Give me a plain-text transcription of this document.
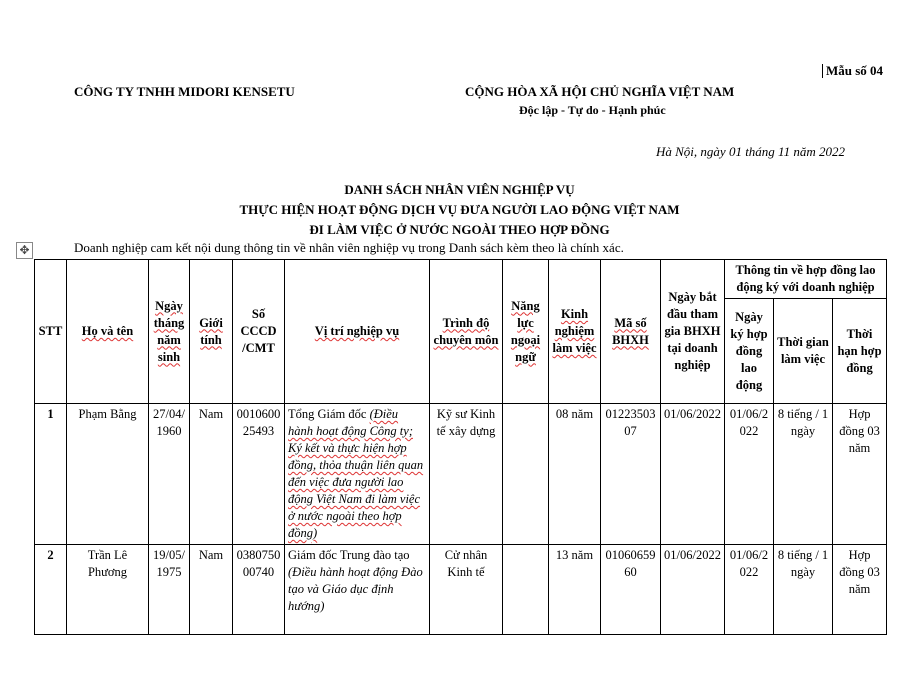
Mẫu số 04
CÔNG TY TNHH MIDORI KENSETU	CỘNG HÒA XÃ HỘI CHỦ NGHĨA VIỆT NAM
Độc lập - Tự do - Hạnh phúc
Hà Nội, ngày 01 tháng 11 năm 2022
DANH SÁCH NHÂN VIÊN NGHIỆP VỤ
THỰC HIỆN HOẠT ĐỘNG DỊCH VỤ ĐƯA NGƯỜI LAO ĐỘNG VIỆT NAM
ĐI LÀM VIỆC Ở NƯỚC NGOÀI THEO HỢP ĐỒNG
✥	Doanh nghiệp cam kết nội dung thông tin về nhân viên nghiệp vụ trong Danh sách kèm theo là chính xác.
STT	Họ và tên	Ngày tháng năm sinh	Giới tính	Số CCCD /CMT	Vị trí nghiệp vụ	Trình độ chuyên môn	Năng lực ngoại ngữ	Kinh nghiệm làm việc	Mã số BHXH	Ngày bắt đầu tham gia BHXH tại doanh nghiệp	Thông tin về hợp đồng lao động ký với doanh nghiệp		
											Ngày ký hợp đồng lao động	Thời gian làm việc	Thời hạn hợp đồng
1	Phạm Bằng	27/04/1960	Nam	001060025493	Tổng Giám đốc (Điều hành hoạt động Công ty; Ký kết và thực hiện hợp đồng, thỏa thuận liên quan đến việc đưa người lao động Việt Nam đi làm việc ở nước ngoài theo hợp đồng)	Kỹ sư Kinh tế xây dựng		08 năm	0122350307	01/06/2022	01/06/2022	8 tiếng / 1 ngày	Hợp đồng 03 năm
2	Trần Lê Phương	19/05/1975	Nam	038075000740	Giám đốc Trung đào tạo (Điều hành hoạt động Đào tạo và Giáo dục định hướng)	Cử nhân Kinh tế		13 năm	0106065960	01/06/2022	01/06/2022	8 tiếng / 1 ngày	Hợp đồng 03 năm
